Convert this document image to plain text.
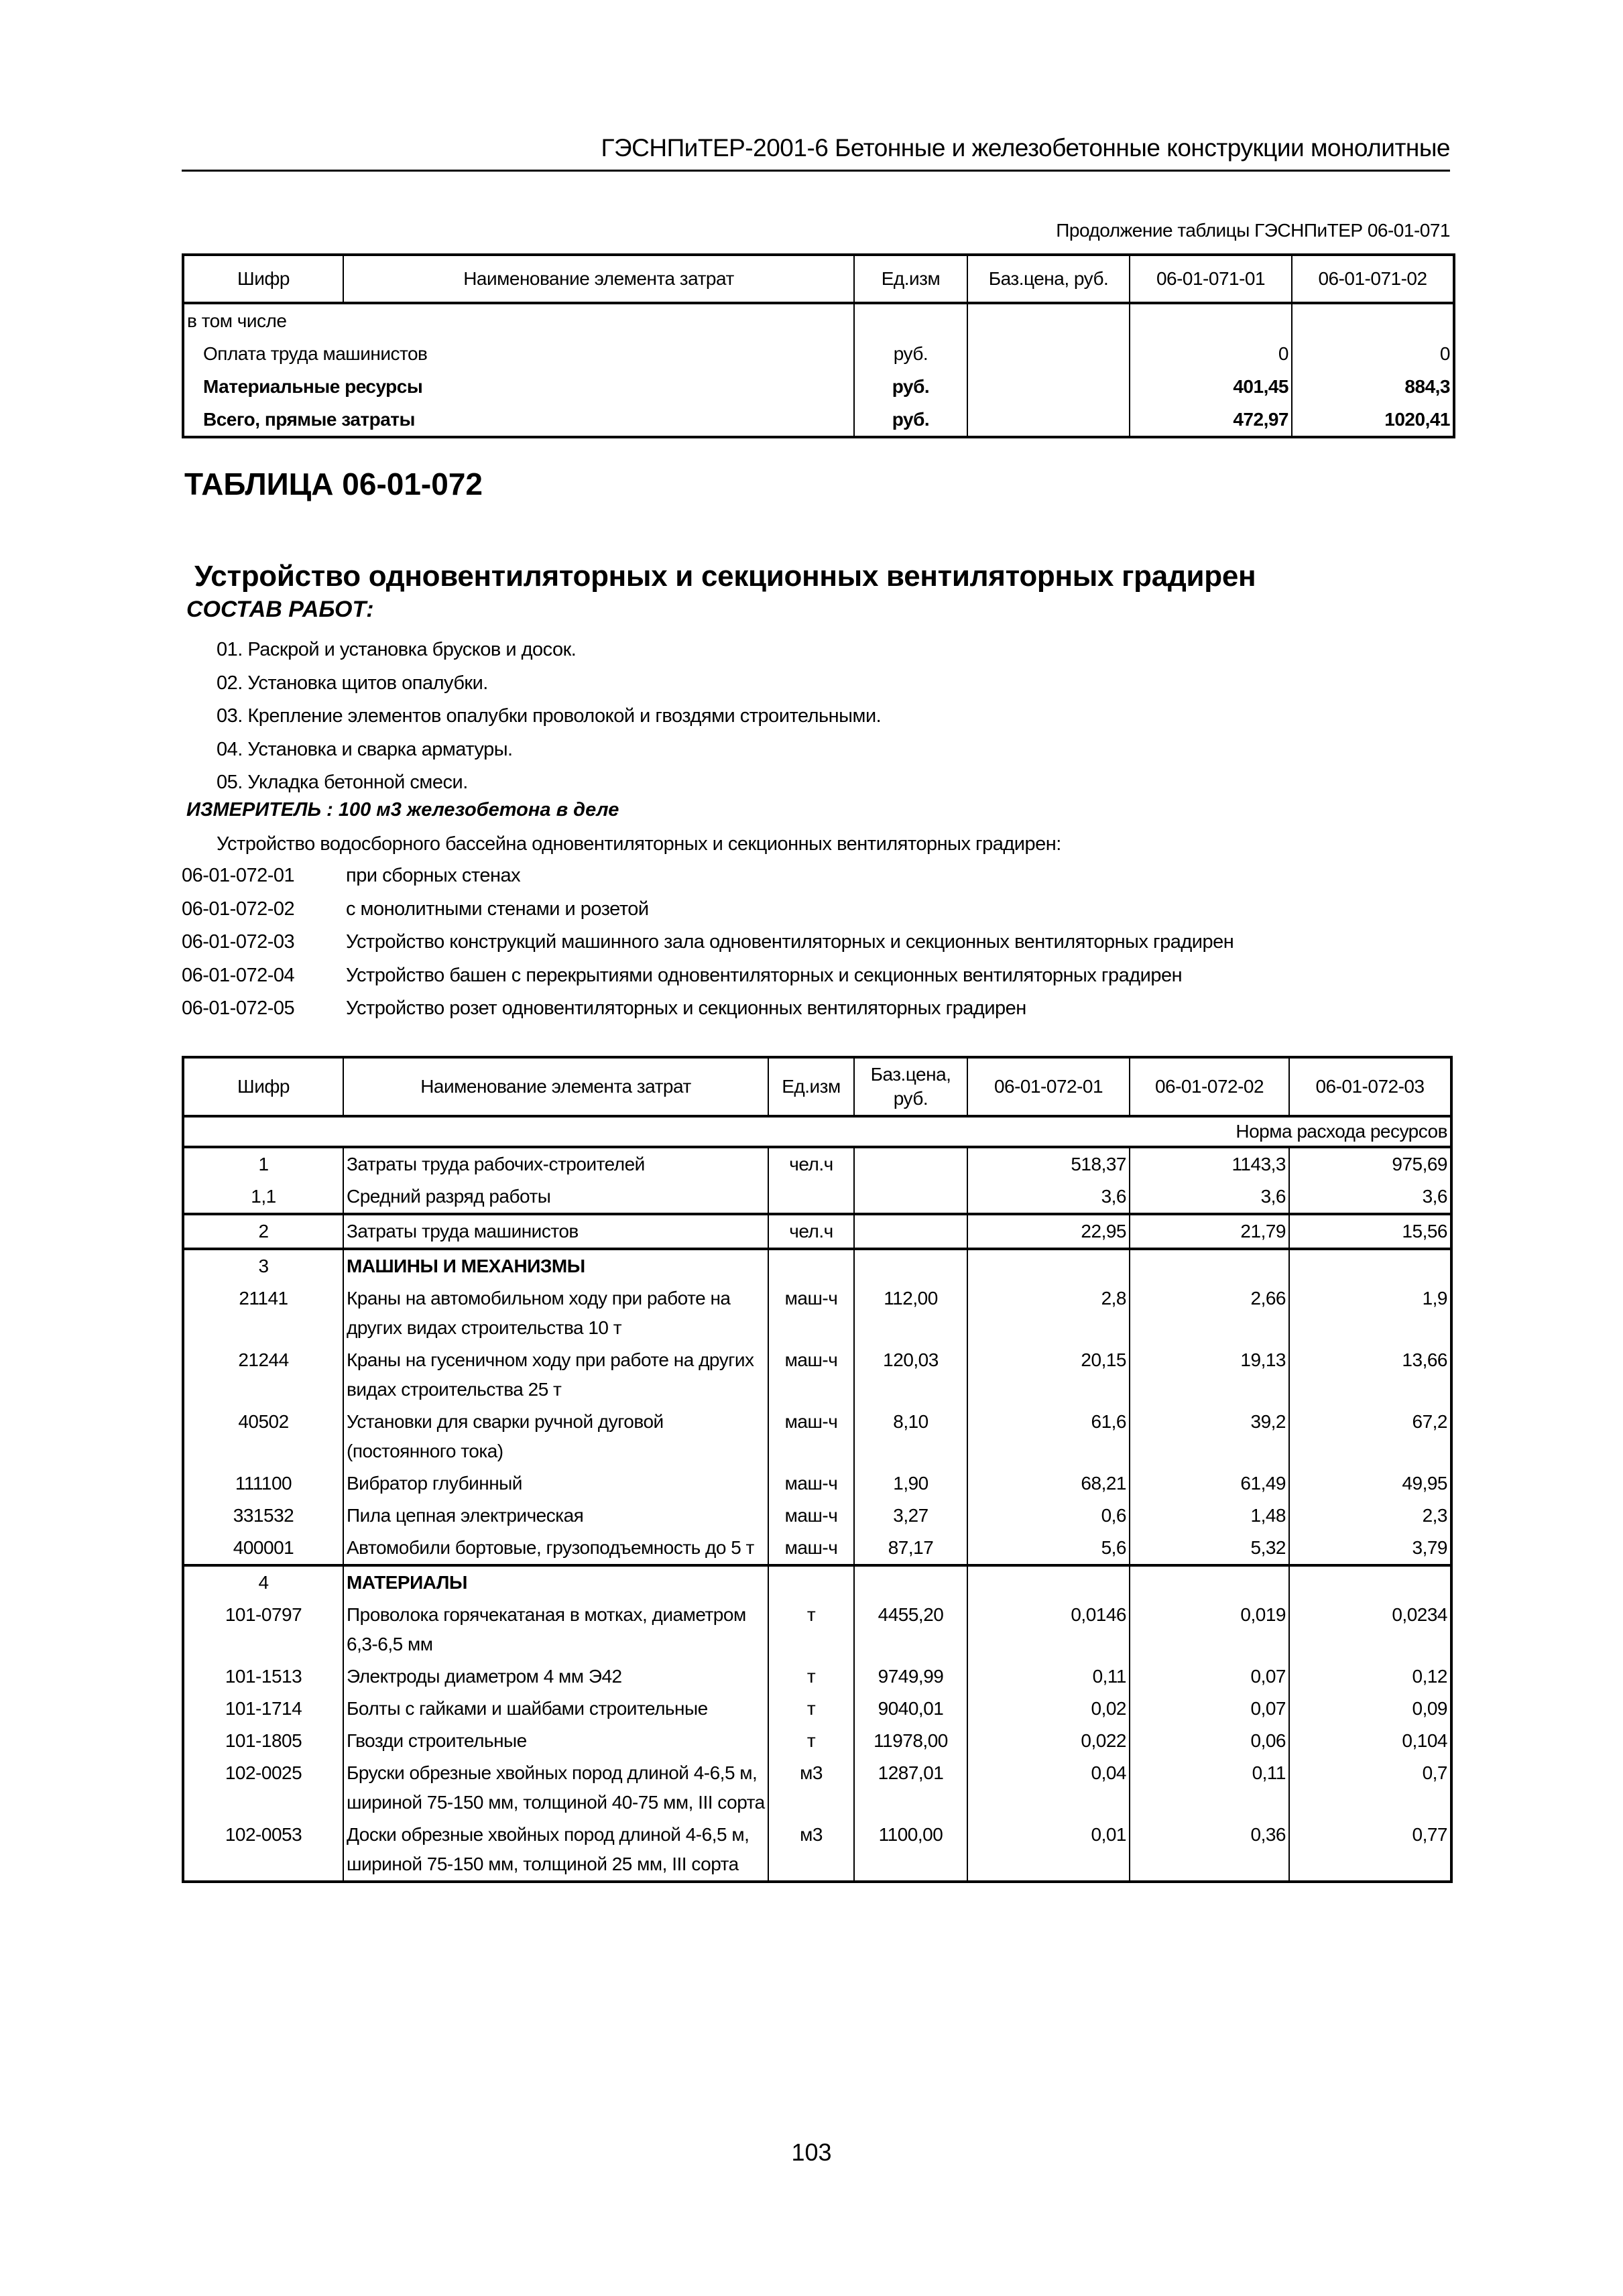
ГЭСНПиТЕР-2001-6 Бетонные и железобетонные конструкции монолитные
Продолжение таблицы ГЭСНПиТЕР 06-01-071
Шифр	Наименование элемента затрат	Ед.изм	Баз.цена, руб.	06-01-071-01	06-01-071-02
в том числе					
Оплата труда машинистов		руб.		0	0
Материальные ресурсы		руб.		401,45	884,3
Всего, прямые затраты		руб.		472,97	1020,41
ТАБЛИЦА 06-01-072
Устройство одновентиляторных и секционных вентиляторных градирен
СОСТАВ РАБОТ:
01. Раскрой и установка брусков и досок.
02. Установка щитов опалубки.
03. Крепление элементов опалубки проволокой и гвоздями строительными.
04. Установка и сварка арматуры.
05. Укладка бетонной смеси.
ИЗМЕРИТЕЛЬ : 100 м3 железобетона в деле
Устройство водосборного бассейна одновентиляторных и секционных вентиляторных градирен:
06-01-072-01	при сборных стенах
06-01-072-02	с монолитными стенами и розетой
06-01-072-03	Устройство конструкций машинного зала одновентиляторных и секционных вентиляторных градирен
06-01-072-04	Устройство башен с перекрытиями одновентиляторных и секционных вентиляторных градирен
06-01-072-05	Устройство розет одновентиляторных и секционных вентиляторных градирен
Шифр	Наименование элемента затрат	Ед.изм	Баз.цена, руб.	06-01-072-01	06-01-072-02	06-01-072-03
Норма расхода ресурсов						
1	Затраты труда рабочих-строителей	чел.ч		518,37	1143,3	975,69
1,1	Средний разряд работы			3,6	3,6	3,6
2	Затраты труда машинистов	чел.ч		22,95	21,79	15,56
3	МАШИНЫ И МЕХАНИЗМЫ					
21141	Краны на автомобильном ходу при работе на других видах строительства 10 т	маш-ч	112,00	2,8	2,66	1,9
21244	Краны на гусеничном ходу при работе на других видах строительства 25 т	маш-ч	120,03	20,15	19,13	13,66
40502	Установки для сварки ручной дуговой (постоянного тока)	маш-ч	8,10	61,6	39,2	67,2
111100	Вибратор глубинный	маш-ч	1,90	68,21	61,49	49,95
331532	Пила цепная электрическая	маш-ч	3,27	0,6	1,48	2,3
400001	Автомобили бортовые, грузоподъемность до 5 т	маш-ч	87,17	5,6	5,32	3,79
4	МАТЕРИАЛЫ					
101-0797	Проволока горячекатаная в мотках, диаметром 6,3-6,5 мм	т	4455,20	0,0146	0,019	0,0234
101-1513	Электроды диаметром 4 мм Э42	т	9749,99	0,11	0,07	0,12
101-1714	Болты с гайками и шайбами строительные	т	9040,01	0,02	0,07	0,09
101-1805	Гвозди строительные	т	11978,00	0,022	0,06	0,104
102-0025	Бруски обрезные хвойных пород длиной 4-6,5 м, шириной 75-150 мм, толщиной 40-75 мм, III сорта	м3	1287,01	0,04	0,11	0,7
102-0053	Доски обрезные хвойных пород длиной 4-6,5 м, шириной 75-150 мм, толщиной 25 мм, III сорта	м3	1100,00	0,01	0,36	0,77
103
